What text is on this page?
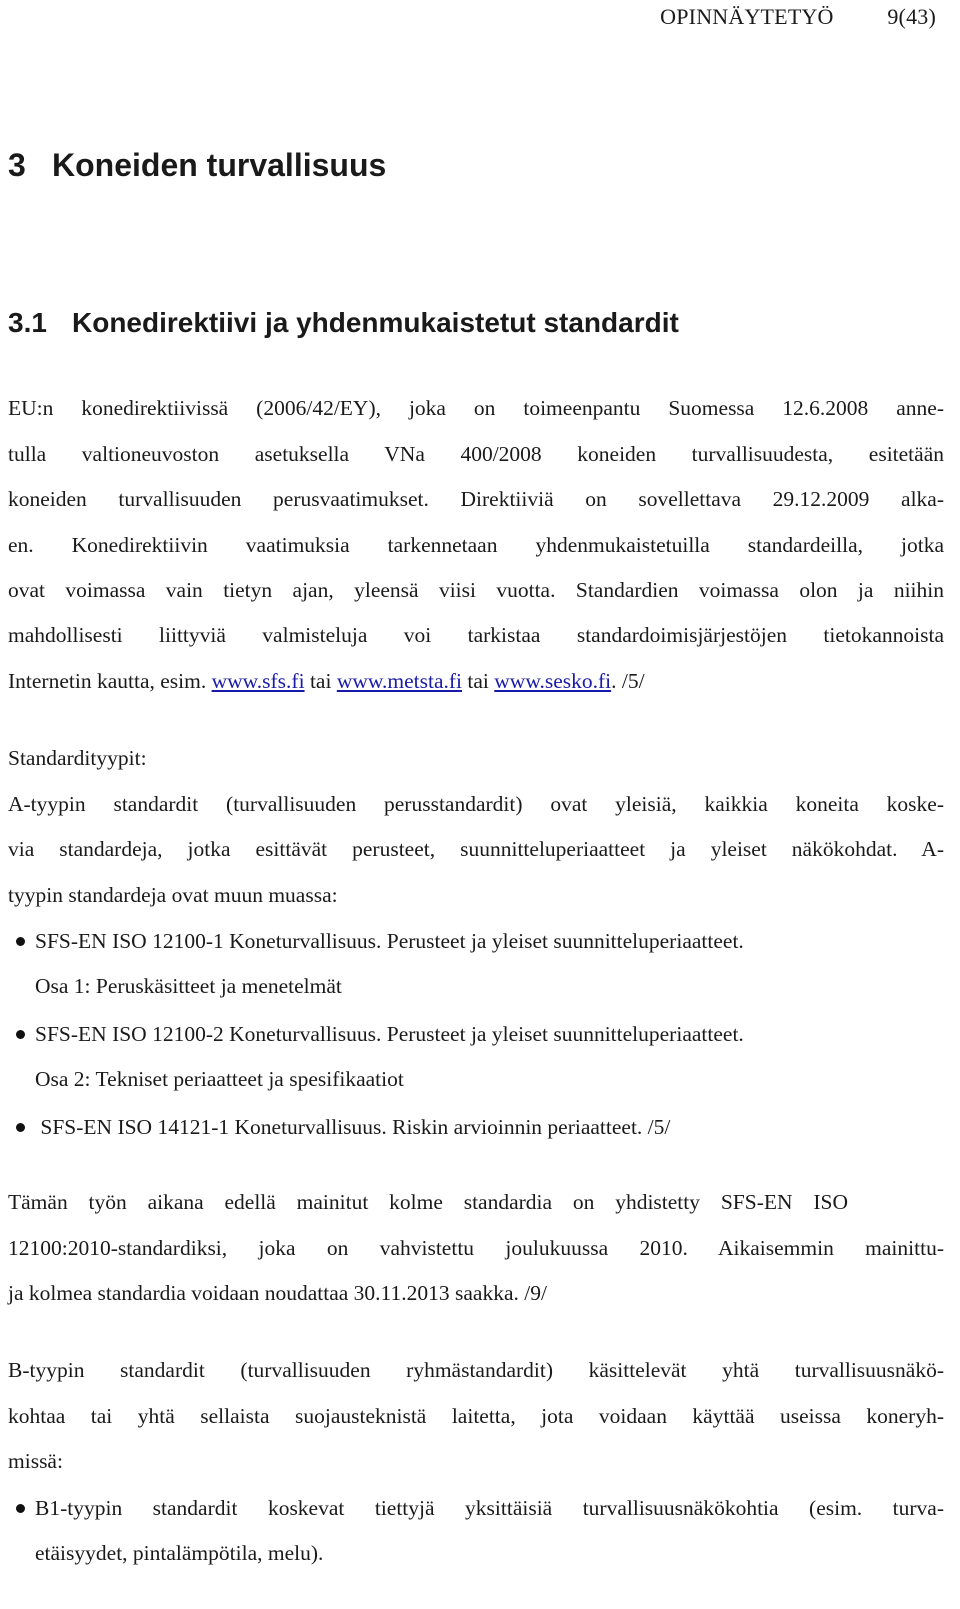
OPINNÄYTETYÖ 9(43)
3 Koneiden turvallisuus
3.1 Konedirektiivi ja yhdenmukaistetut standardit
EU:n konedirektiivissä (2006/42/EY), joka on toimeenpantu Suomessa 12.6.2008 anne-
tulla valtioneuvoston asetuksella VNa 400/2008 koneiden turvallisuudesta, esitetään
koneiden turvallisuuden perusvaatimukset. Direktiiviä on sovellettava 29.12.2009 alka-
en. Konedirektiivin vaatimuksia tarkennetaan yhdenmukaistetuilla standardeilla, jotka
ovat voimassa vain tietyn ajan, yleensä viisi vuotta. Standardien voimassa olon ja niihin
mahdollisesti liittyviä valmisteluja voi tarkistaa standardoimisjärjestöjen tietokannoista
Internetin kautta, esim. www.sfs.fi tai www.metsta.fi tai www.sesko.fi. /5/
Standardityypit:
A-tyypin standardit (turvallisuuden perusstandardit) ovat yleisiä, kaikkia koneita koske-
via standardeja, jotka esittävät perusteet, suunnitteluperiaatteet ja yleiset näkökohdat. A-
tyypin standardeja ovat muun muassa:
SFS-EN ISO 12100-1 Koneturvallisuus. Perusteet ja yleiset suunnitteluperiaatteet.
Osa 1: Peruskäsitteet ja menetelmät
SFS-EN ISO 12100-2 Koneturvallisuus. Perusteet ja yleiset suunnitteluperiaatteet.
Osa 2: Tekniset periaatteet ja spesifikaatiot
SFS-EN ISO 14121-1 Koneturvallisuus. Riskin arvioinnin periaatteet. /5/
Tämän työn aikana edellä mainitut kolme standardia on yhdistetty SFS-EN ISO
12100:2010-standardiksi, joka on vahvistettu joulukuussa 2010. Aikaisemmin mainittu-
ja kolmea standardia voidaan noudattaa 30.11.2013 saakka. /9/
B-tyypin standardit (turvallisuuden ryhmästandardit) käsittelevät yhtä turvallisuusnäkö-
kohtaa tai yhtä sellaista suojausteknistä laitetta, jota voidaan käyttää useissa koneryh-
missä:
B1-tyypin standardit koskevat tiettyjä yksittäisiä turvallisuusnäkökohtia (esim. turva-
etäisyydet, pintalämpötila, melu).
